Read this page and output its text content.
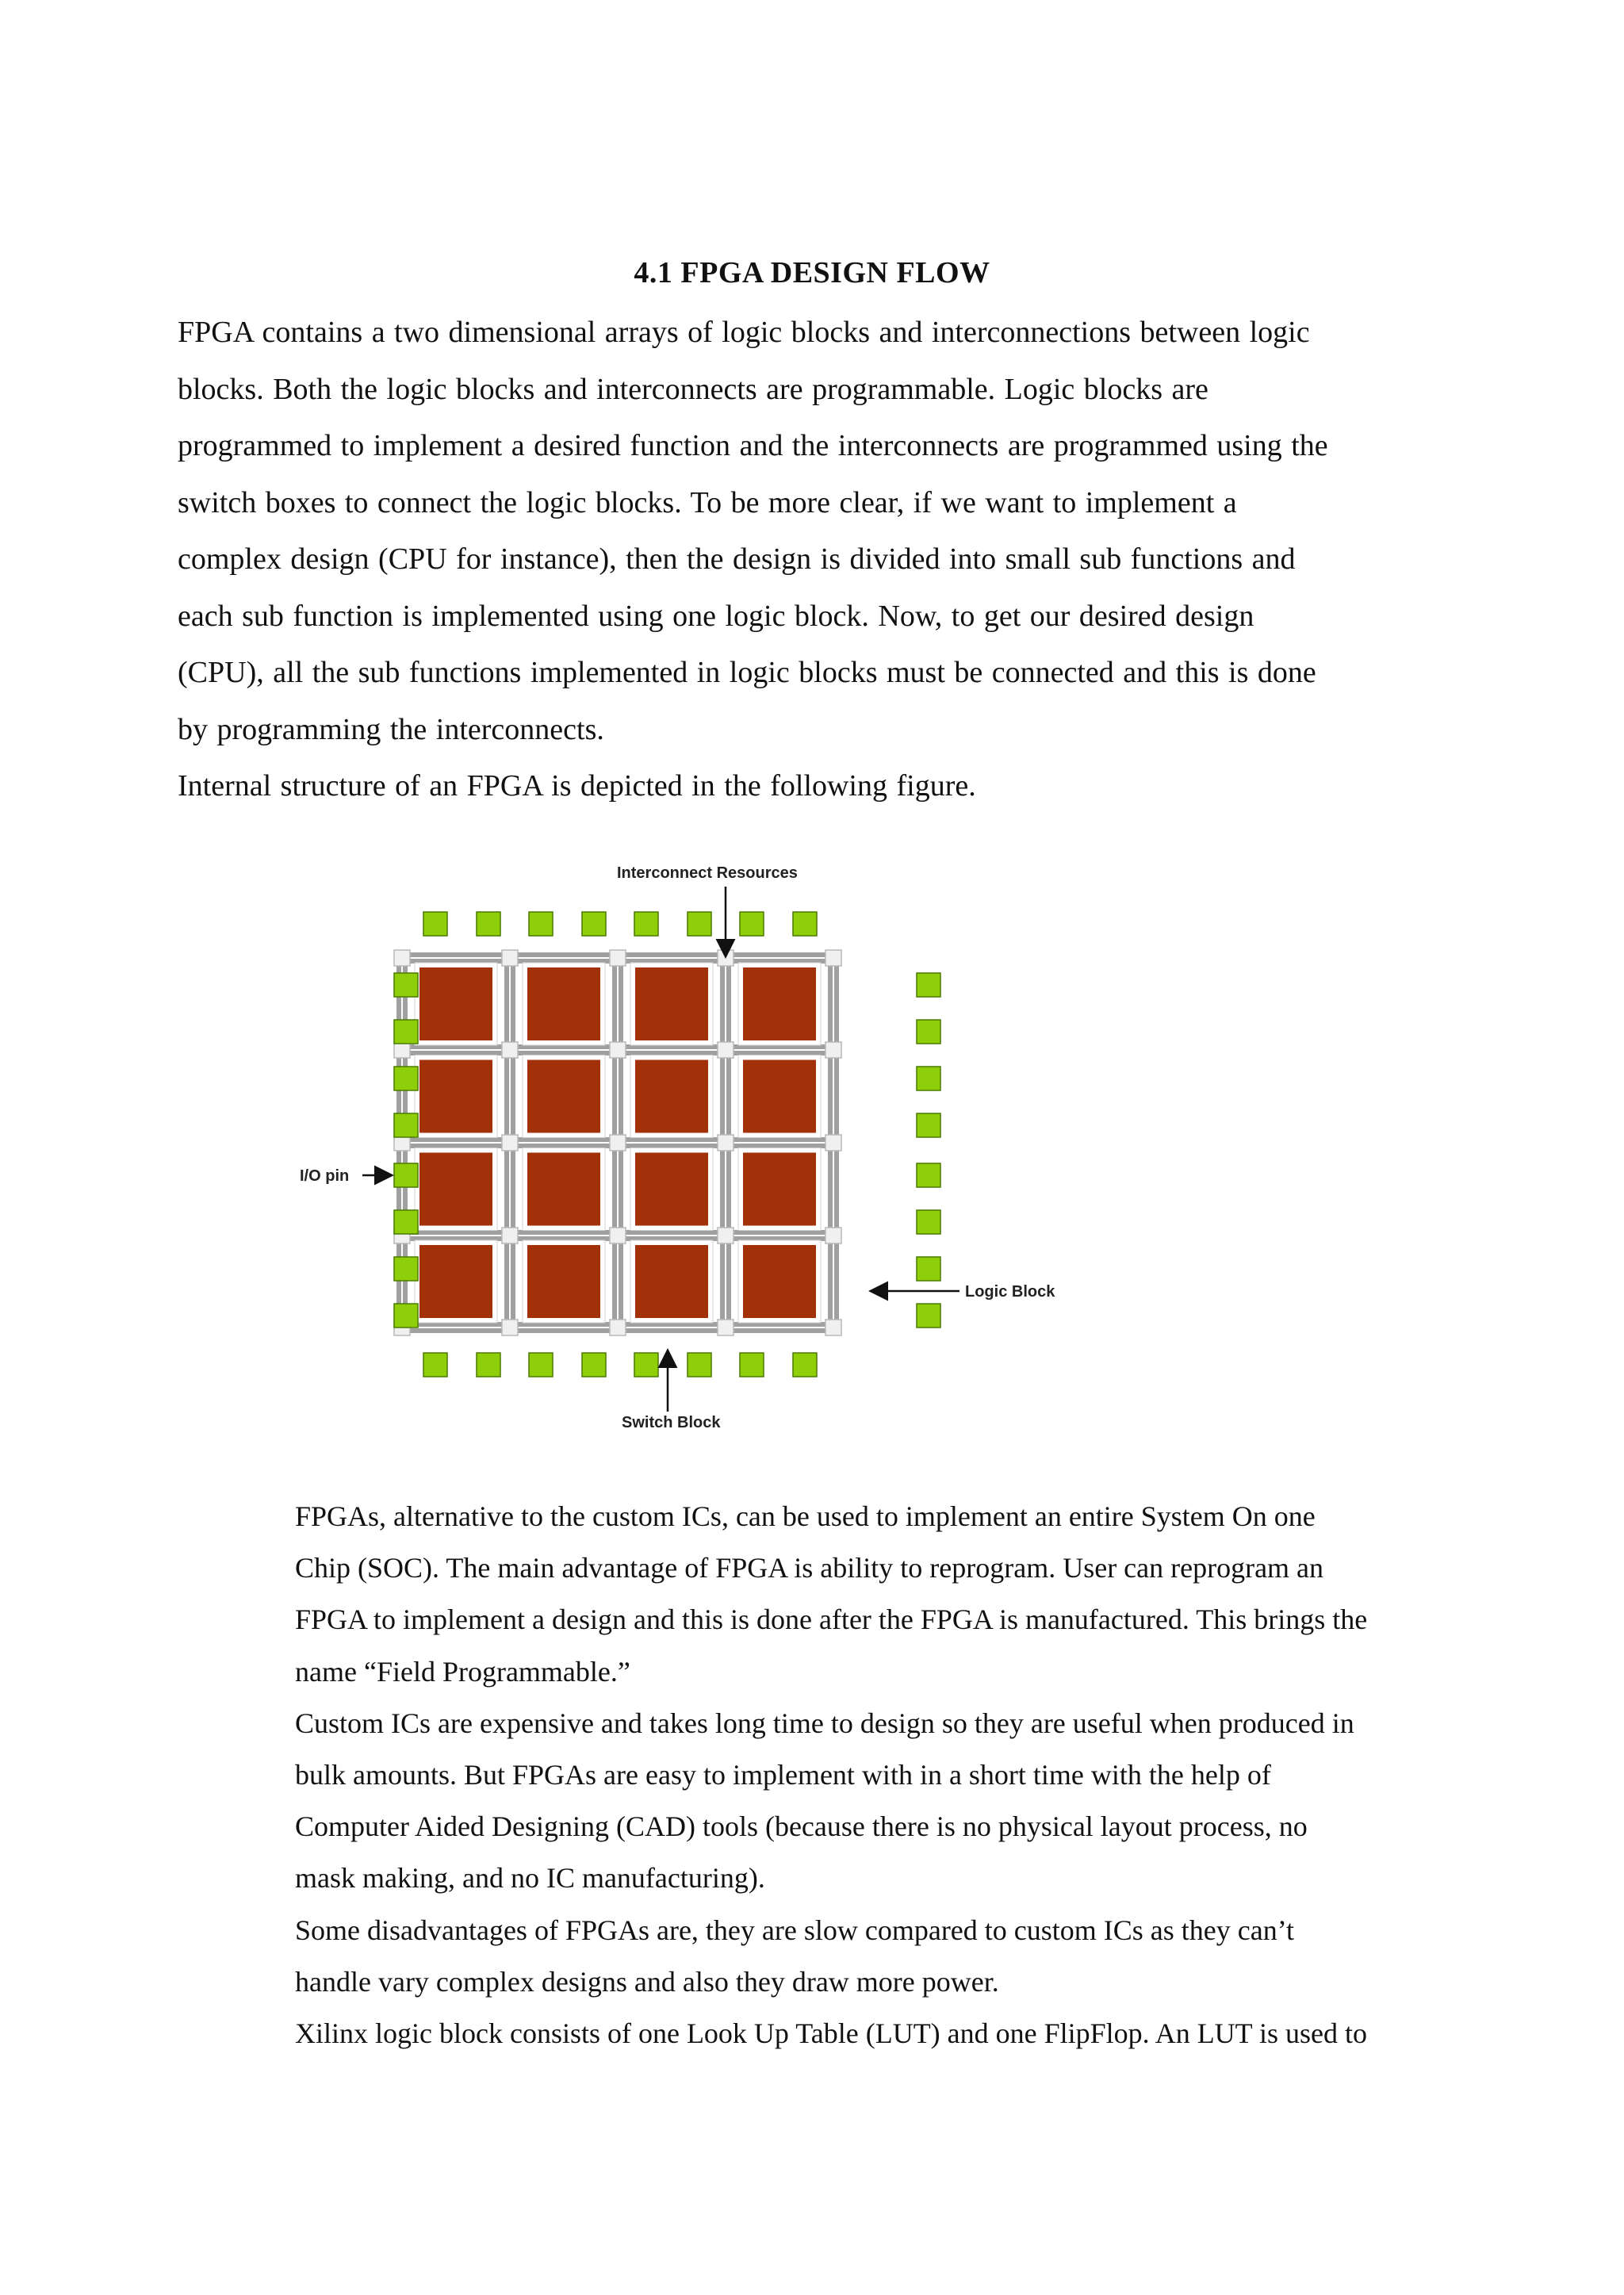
4.1 FPGA DESIGN FLOW
FPGA contains a two dimensional arrays of logic blocks and interconnections between logic
blocks. Both the logic blocks and interconnects are programmable. Logic blocks are
programmed to implement a desired function and the interconnects are programmed using the
switch boxes to connect the logic blocks. To be more clear, if we want to implement a
complex design (CPU for instance), then the design is divided into small sub functions and
each sub function is implemented using one logic block. Now, to get our desired design
(CPU), all the sub functions implemented in logic blocks must be connected and this is done
by programming the interconnects.
Internal structure of an FPGA is depicted in the following figure.
Interconnect Resources
I/O pin
Logic Block
Switch Block
FPGAs, alternative to the custom ICs, can be used to implement an entire System On one
Chip (SOC). The main advantage of FPGA is ability to reprogram. User can reprogram an
FPGA to implement a design and this is done after the FPGA is manufactured. This brings the
name “Field Programmable.”
Custom ICs are expensive and takes long time to design so they are useful when produced in
bulk amounts. But FPGAs are easy to implement with in a short time with the help of
Computer Aided Designing (CAD) tools (because there is no physical layout process, no
mask making, and no IC manufacturing).
Some disadvantages of FPGAs are, they are slow compared to custom ICs as they can’t
handle vary complex designs and also they draw more power.
Xilinx logic block consists of one Look Up Table (LUT) and one FlipFlop. An LUT is used to
